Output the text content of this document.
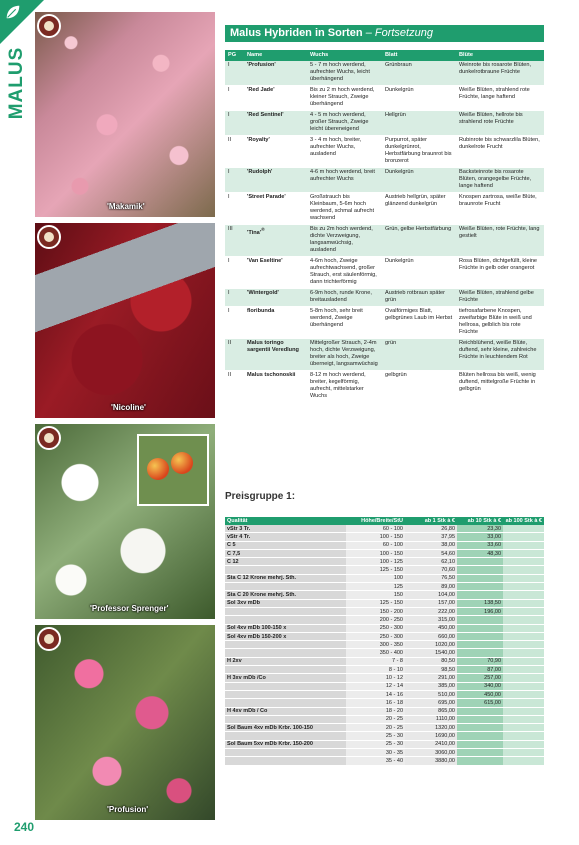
MALUS
'Makamik'
'Nicoline'
'Professor Sprenger'
'Profusion'
240
Malus Hybriden in Sorten – Fortsetzung
PG	Name	Wuchs	Blatt	Blüte
I	'Profusion'	5 - 7 m hoch werdend, aufrechter Wuchs, leicht überhängend	Grünbraun	Weinrote bis rosarote Blüten, dunkelrotbraune Früchte
I	'Red Jade'	Bis zu 2 m hoch werdend, kleiner Strauch, Zweige überhängend	Dunkelgrün	Weiße Blüten, strahlend rote Früchte, lange haftend
I	'Red Sentinel'	4 - 5 m hoch werdend, großer Strauch, Zweige leicht übereneigend	Hellgrün	Weiße Blüten, hellrote bis strahlend rote Früchte
II	'Royalty'	3 - 4 m hoch, breiter, aufrechter Wuchs, ausladend	Purpurrot, später dunkelgrünrot, Herbstfärbung braunrot bis bronzerot	Rubinrote bis schwarzlila Blüten, dunkelrote Frucht
I	'Rudolph'	4-6 m hoch werdend, breit aufrechter Wuchs	Dunkelgrün	Backsteinrote bis rosarote Blüten, orangegelbe Früchte, lange haftend
I	'Street Parade'	Großstrauch bis Kleinbaum, 5-6m hoch werdend, schmal aufrecht wachsend	Austrieb hellgrün, später glänzend dunkelgrün	Knospen zartrosa, weiße Blüte, braunrote Frucht
III	'Tina'®	Bis zu 2m hoch werdend, dichte Verzweigung, langsamwüchsig, ausladend	Grün, gelbe Herbstfärbung	Weiße Blüten, rote Früchte, lang gestielt
I	'Van Eseltine'	4-6m hoch, Zweige aufrechtwachsend, großer Strauch, erst säulenförmig, dann trichterförmig	Dunkelgrün	Rosa Blüten, dichtgefüllt, kleine Früchte in gelb oder orangerot
I	'Wintergold'	6-9m hoch, runde Krone, breitausladend	Austrieb rotbraun später grün	Weiße Blüten, strahlend gelbe Früchte
I	floribunda	5-8m hoch, sehr breit werdend, Zweige überhängend	Ovalförmiges Blatt, gelbgrünes Laub im Herbst	tiefrosafarbene Knospen, zweifarbige Blüte in weiß und hellrosa, gelblich bis rote Früchte
II	Malus toringo sargentii Veredlung	Mittelgroßer Strauch, 2-4m hoch, dichte Verzweigung, breiter als hoch, Zweige überneigt, langsamwüchsig	grün	Reichblühend, weiße Blüte, duftend, sehr kleine, zahlreiche Früchte in leuchtendem Rot
II	Malus tschonoskii	8-12 m hoch werdend, breiter, kegelförmig, aufrecht, mittelstarker Wuchs	gelbgrün	Blüten hellrosa bis weiß, wenig duftend, mittelgroße Früchte in gelbgrün
Preisgruppe 1:
Qualität	Höhe/Breite/StU	ab 1 Stk à €	ab 10 Stk à €	ab 100 Stk à €
vStr 3 Tr.	60 - 100	26,80	23,30	
vStr 4 Tr.	100 - 150	37,95	33,00	
C 5	60 - 100	38,00	33,60	
C 7,5	100 - 150	54,60	48,30	
C 12	100 - 125	62,10		
	125 - 150	70,60		
Sta C 12 Krone mehrj. Sth.	100	76,50		
	125	89,00		
Sta C 20 Krone mehrj. Sth.	150	104,00		
Sol 3xv mDb	125 - 150	157,00	138,50	
	150 - 200	222,00	196,00	
	200 - 250	315,00		
Sol 4xv mDb 100-150 x	250 - 300	450,00		
Sol 4xv mDb 150-200 x	250 - 300	660,00		
	300 - 350	1020,00		
	350 - 400	1540,00		
H 2xv	7 - 8	80,50	70,90	
	8 - 10	98,50	87,00	
H 3xv mDb /Co	10 - 12	291,00	257,00	
	12 - 14	385,00	340,00	
	14 - 16	510,00	450,00	
	16 - 18	695,00	615,00	
H 4xv mDb / Co	18 - 20	865,00		
	20 - 25	1110,00		
Sol Baum 4xv mDb Krbr. 100-150	20 - 25	1320,00		
	25 - 30	1690,00		
Sol Baum 5xv mDb Krbr. 150-200	25 - 30	2410,00		
	30 - 35	3060,00		
	35 - 40	3880,00		
